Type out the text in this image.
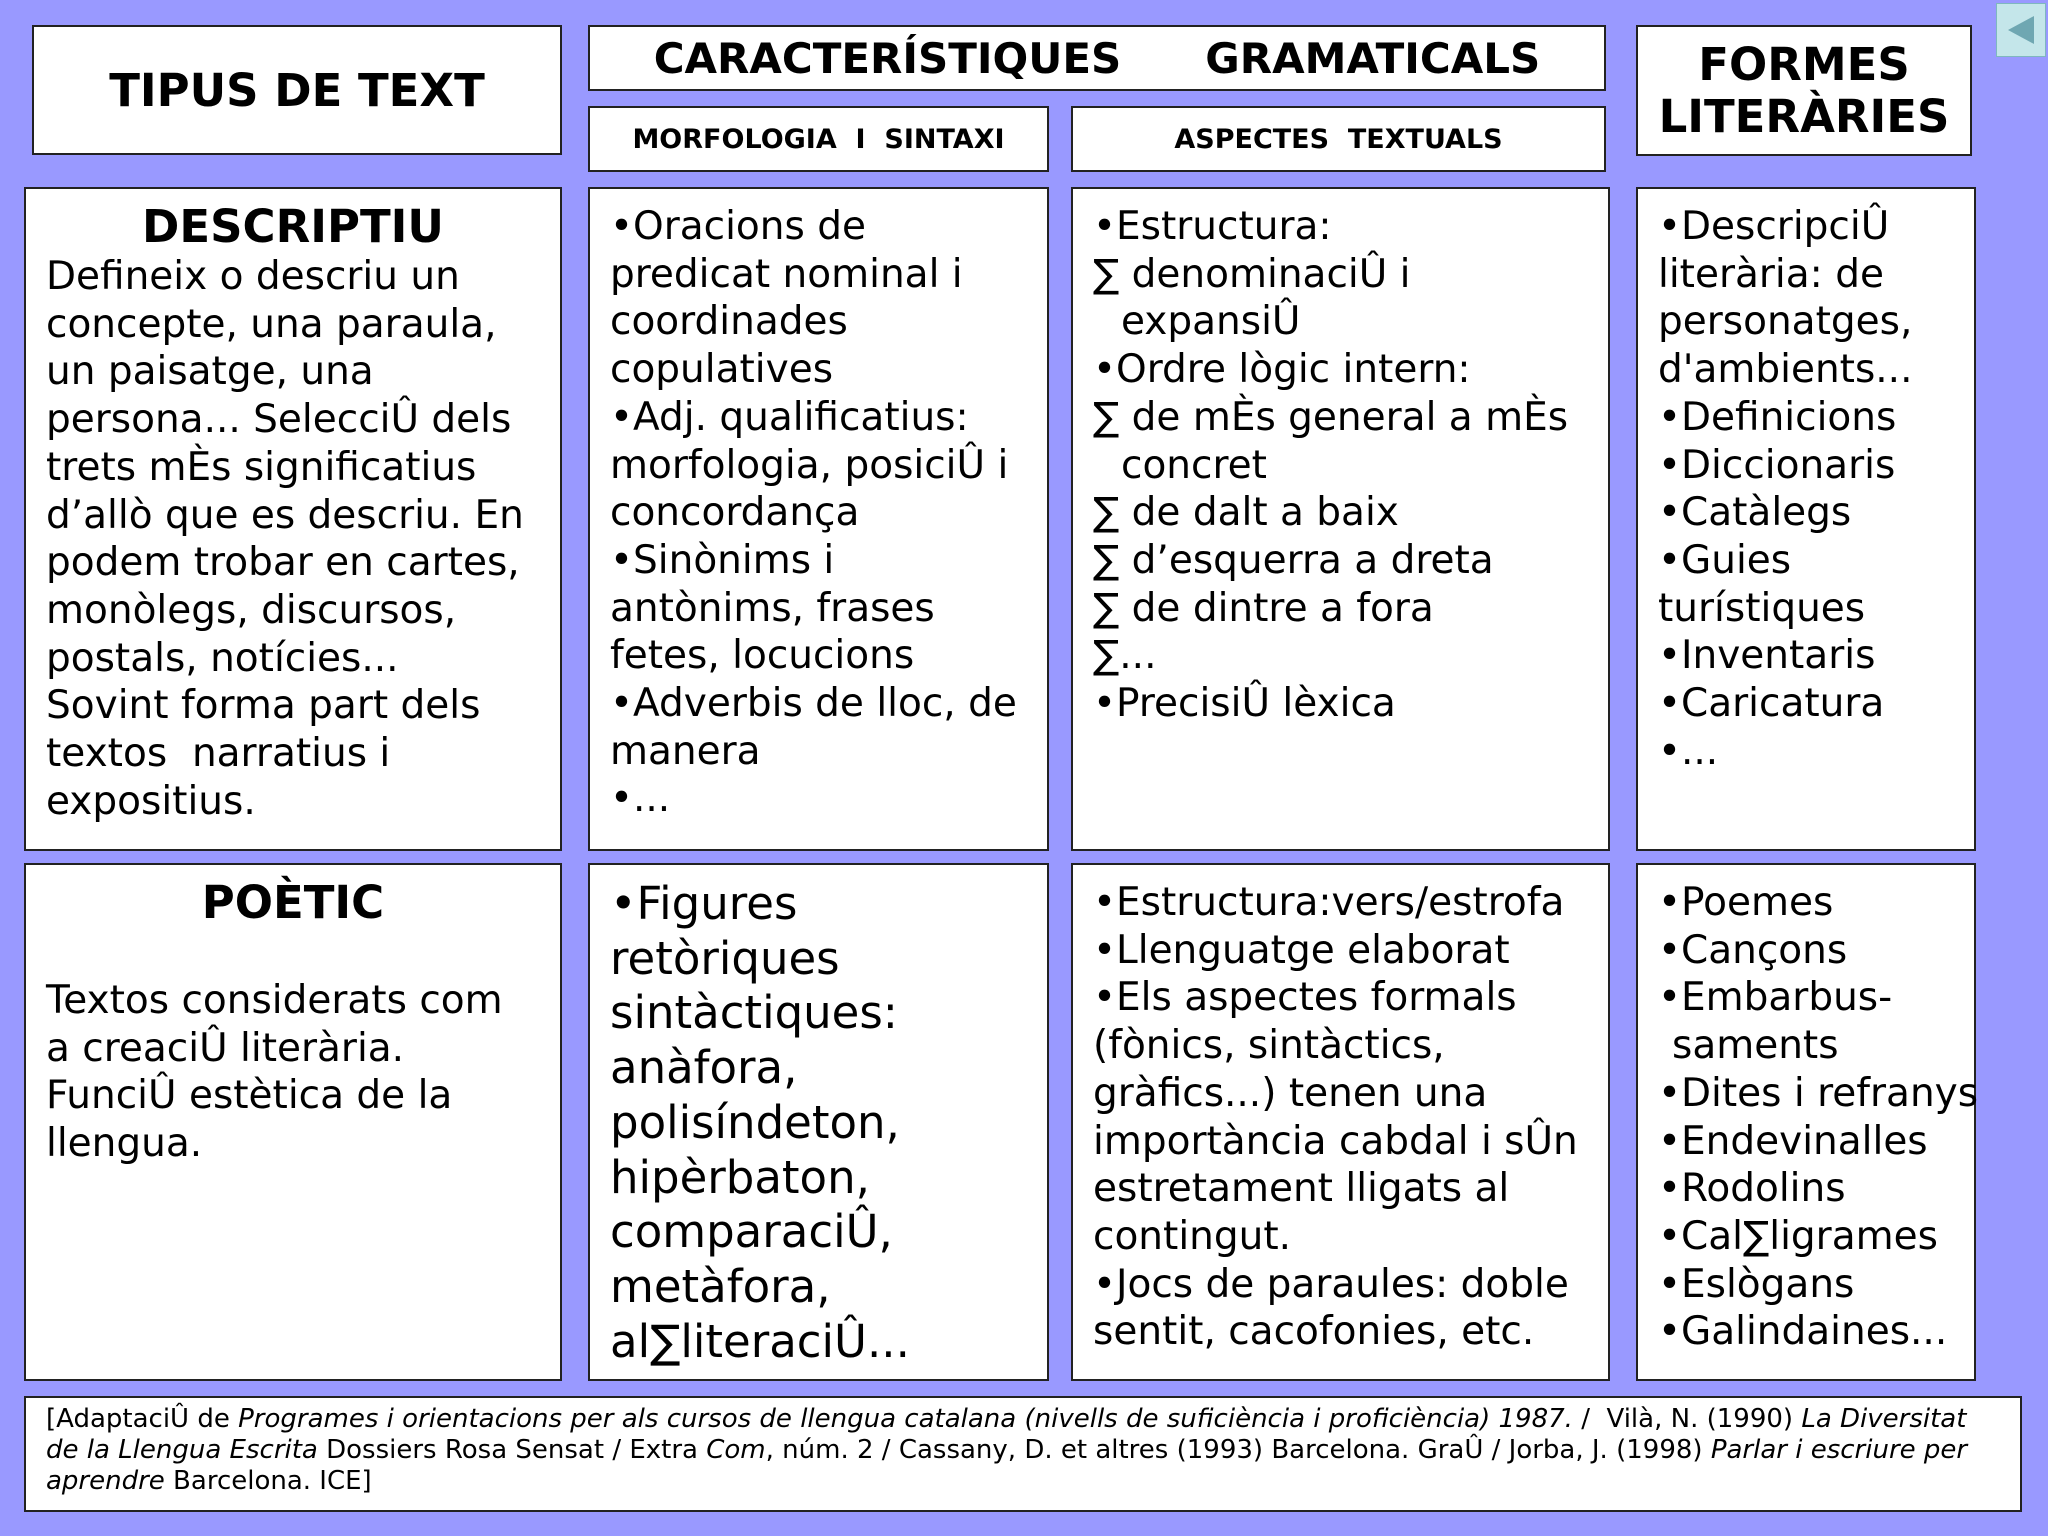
TIPUS DE TEXT
CARACTERÍSTIQUES GRAMATICALS
MORFOLOGIA  I  SINTAXI	ASPECTES  TEXTUALS
FORMES
LITERÀRIES
DESCRIPTIU
Defineix o descriu un
concepte, una paraula,
un paisatge, una
persona... SelecciÛ dels
trets mÈs significatius
d’allò que es descriu. En
podem trobar en cartes,
monòlegs, discursos,
postals, notícies...
Sovint forma part dels
textos  narratius i
expositius.
•Oracions de
predicat nominal i
coordinades
copulatives
•Adj. qualificatius:
morfologia, posiciÛ i
concordança
•Sinònims i
antònims, frases
fetes, locucions
•Adverbis de lloc, de
manera
•...
•Estructura:
∑ denominaciÛ i
expansiÛ
•Ordre lògic intern:
∑ de mÈs general a mÈs
concret
∑ de dalt a baix
∑ d’esquerra a dreta
∑ de dintre a fora
∑...
•PrecisiÛ lèxica
•DescripciÛ
literària: de
personatges,
d'ambients...
•Definicions
•Diccionaris
•Catàlegs
•Guies
turístiques
•Inventaris
•Caricatura
•...
POÈTIC
Textos considerats com
a creaciÛ literària.
FunciÛ estètica de la
llengua.
•Figures
retòriques
sintàctiques:
anàfora,
polisíndeton,
hipèrbaton,
comparaciÛ,
metàfora,
al∑literaciÛ...
•Estructura:vers/estrofa
•Llenguatge elaborat
•Els aspectes formals
(fònics, sintàctics,
gràfics...) tenen una
importància cabdal i sÛn
estretament lligats al
contingut.
•Jocs de paraules: doble
sentit, cacofonies, etc.
•Poemes
•Cançons
•Embarbus-
saments
•Dites i refranys
•Endevinalles
•Rodolins
•Cal∑ligrames
•Eslògans
•Galindaines...
[AdaptaciÛ de Programes i orientacions per als cursos de llengua catalana (nivells de suficiència i proficiència) 1987. /  Vilà, N. (1990) La Diversitat de la Llengua Escrita Dossiers Rosa Sensat / Extra Com, núm. 2 / Cassany, D. et altres (1993) Barcelona. GraÛ / Jorba, J. (1998) Parlar i escriure per aprendre Barcelona. ICE]
